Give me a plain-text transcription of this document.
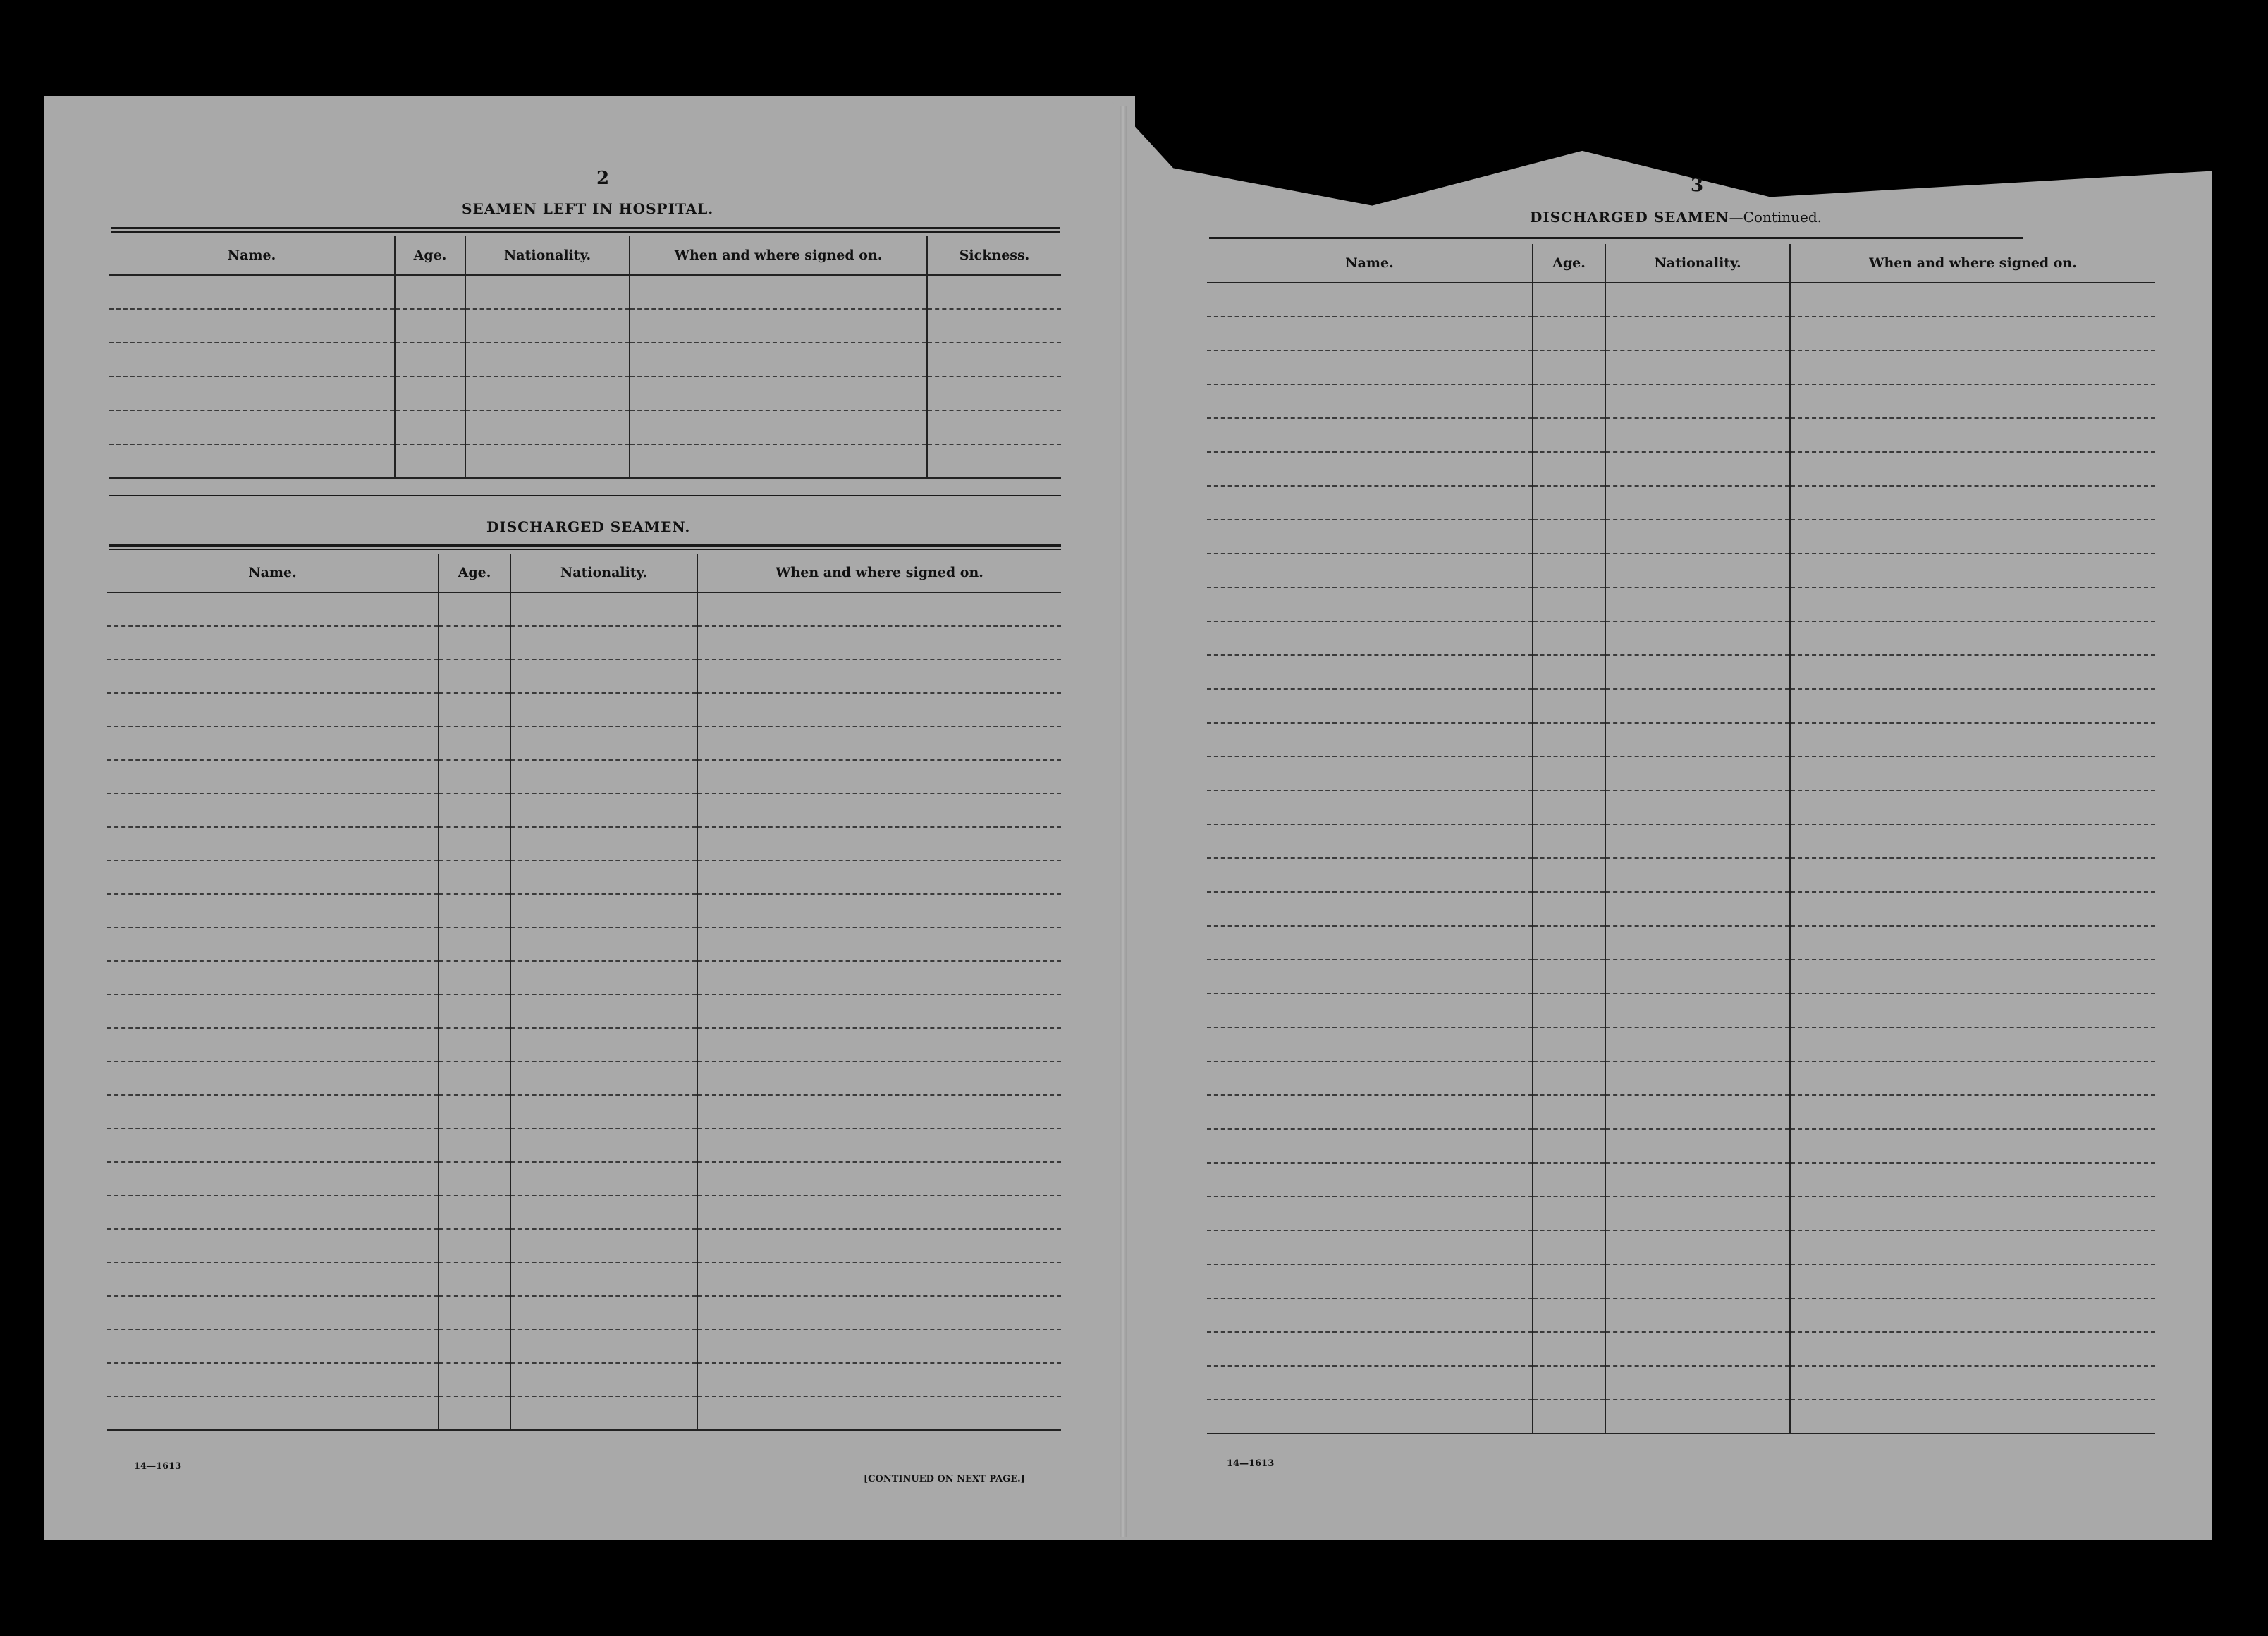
2
SEAMEN LEFT IN HOSPITAL.
Name.	Age.	Nationality.	When and where signed on.	Sickness.

DISCHARGED SEAMEN.
Name.	Age.	Nationality.	When and where signed on.

14—1613
[CONTINUED ON NEXT PAGE.]
3
DISCHARGED SEAMEN—Continued.
Name.	Age.	Nationality.	When and where signed on.

14—1613
